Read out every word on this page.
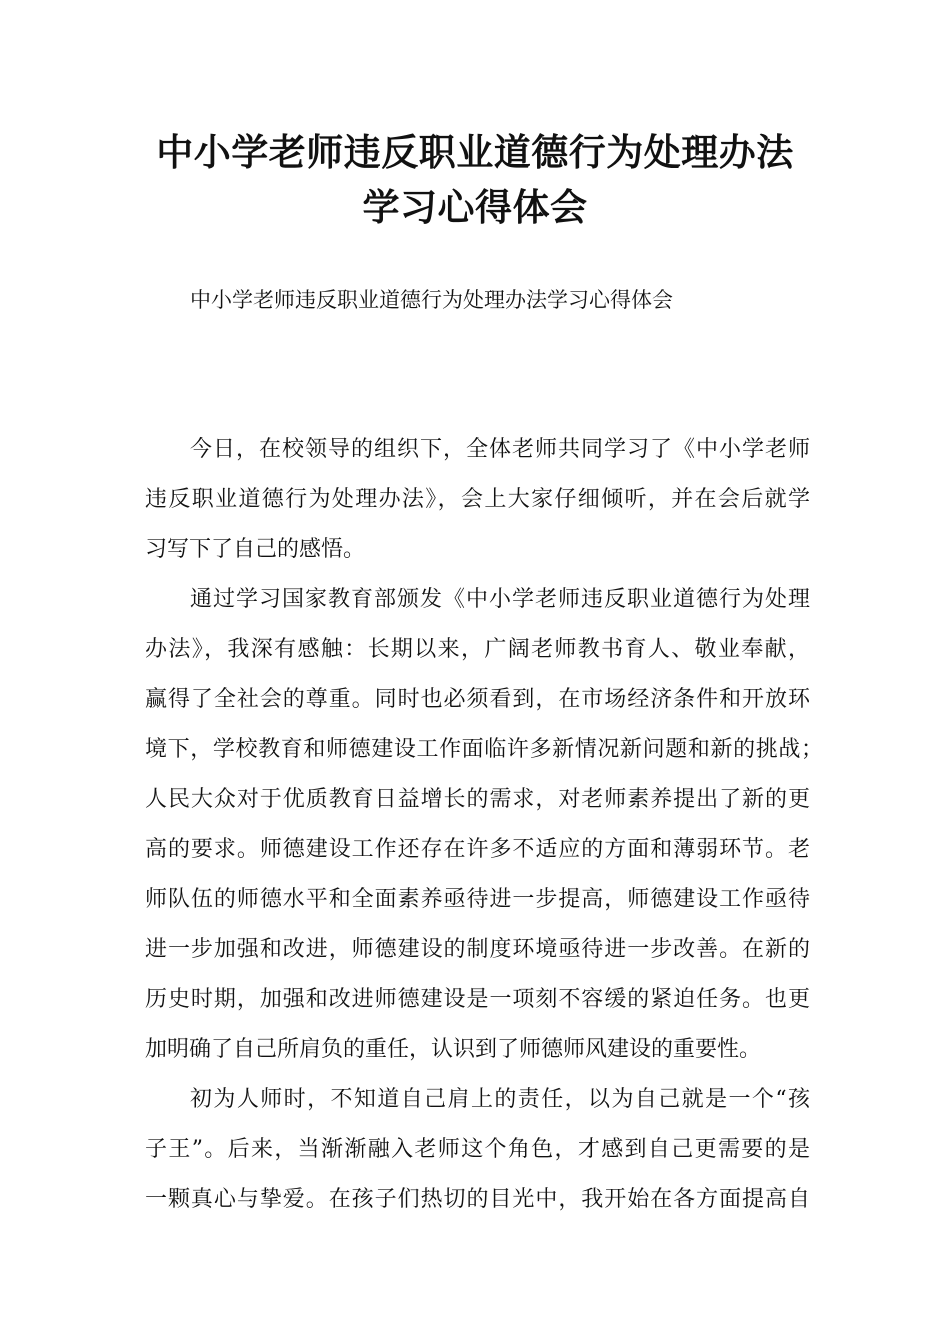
中小学老师违反职业道德行为处理办法
学习心得体会

中小学老师违反职业道德行为处理办法学习心得体会

今日，在校领导的组织下，全体老师共同学习了《中小学老师

违反职业道德行为处理办法》，会上大家仔细倾听，并在会后就学

习写下了自己的感悟。

通过学习国家教育部颁发《中小学老师违反职业道德行为处理

办法》，我深有感触：长期以来，广阔老师教书育人、敬业奉献，

赢得了全社会的尊重。同时也必须看到，在市场经济条件和开放环

境下，学校教育和师德建设工作面临许多新情况新问题和新的挑战；

人民大众对于优质教育日益增长的需求，对老师素养提出了新的更

高的要求。师德建设工作还存在许多不适应的方面和薄弱环节。老

师队伍的师德水平和全面素养亟待进一步提高，师德建设工作亟待

进一步加强和改进，师德建设的制度环境亟待进一步改善。在新的

历史时期，加强和改进师德建设是一项刻不容缓的紧迫任务。也更

加明确了自己所肩负的重任，认识到了师德师风建设的重要性。

初为人师时，不知道自己肩上的责任，以为自己就是一个“孩

子王”。后来，当渐渐融入老师这个角色，才感到自己更需要的是

一颗真心与挚爱。在孩子们热切的目光中，我开始在各方面提高自
